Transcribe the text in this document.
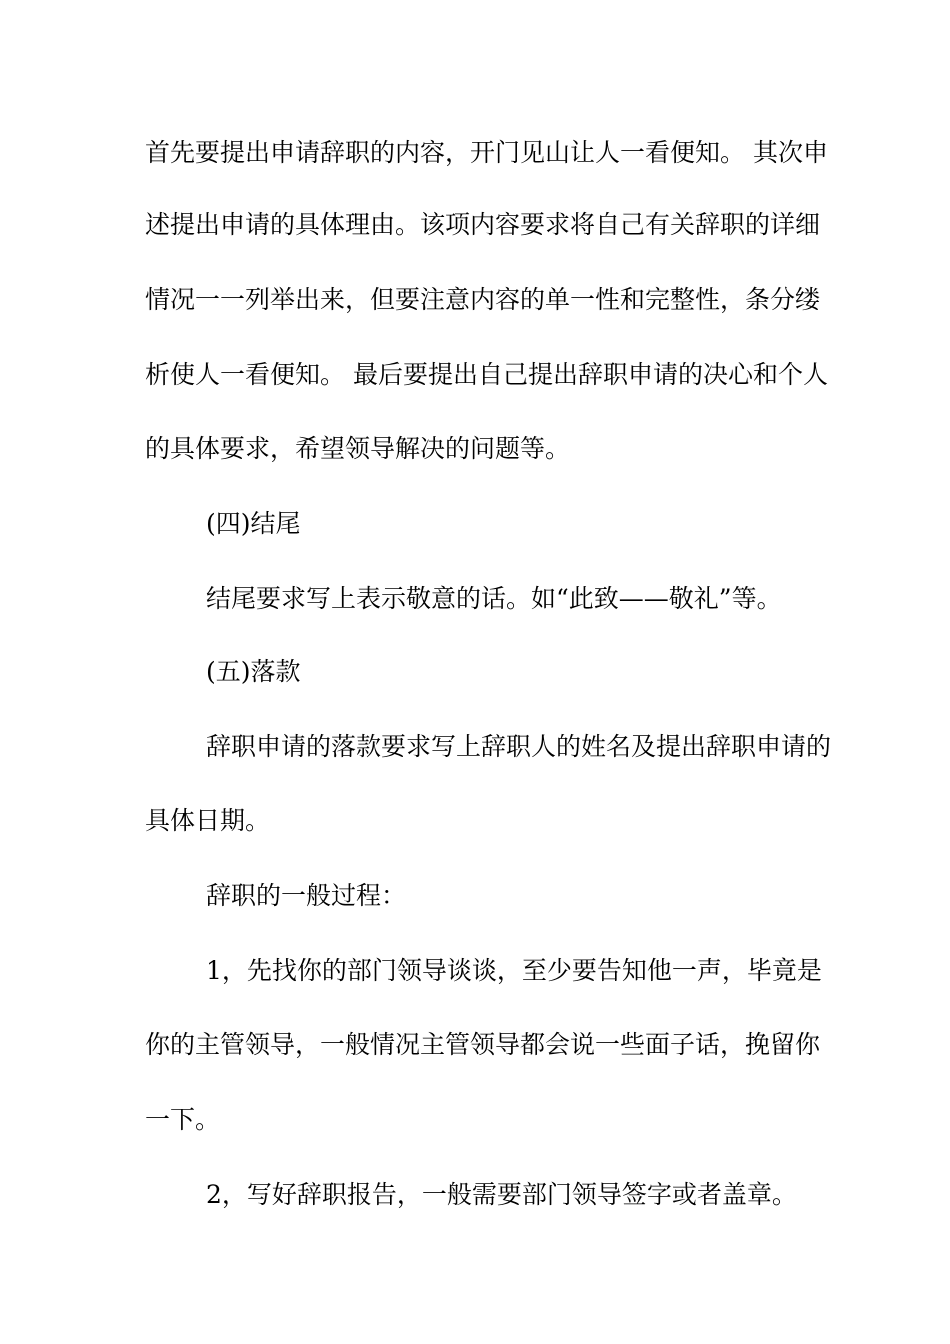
首先要提出申请辞职的内容，开门见山让人一看便知。 其次申

述提出申请的具体理由。该项内容要求将自己有关辞职的详细

情况一一列举出来，但要注意内容的单一性和完整性，条分缕

析使人一看便知。 最后要提出自己提出辞职申请的决心和个人

的具体要求，希望领导解决的问题等。

(四)结尾

结尾要求写上表示敬意的话。如“此致——敬礼”等。

(五)落款

辞职申请的落款要求写上辞职人的姓名及提出辞职申请的

具体日期。

辞职的一般过程：

1，先找你的部门领导谈谈，至少要告知他一声，毕竟是

你的主管领导，一般情况主管领导都会说一些面子话，挽留你

一下。

2，写好辞职报告，一般需要部门领导签字或者盖章。
